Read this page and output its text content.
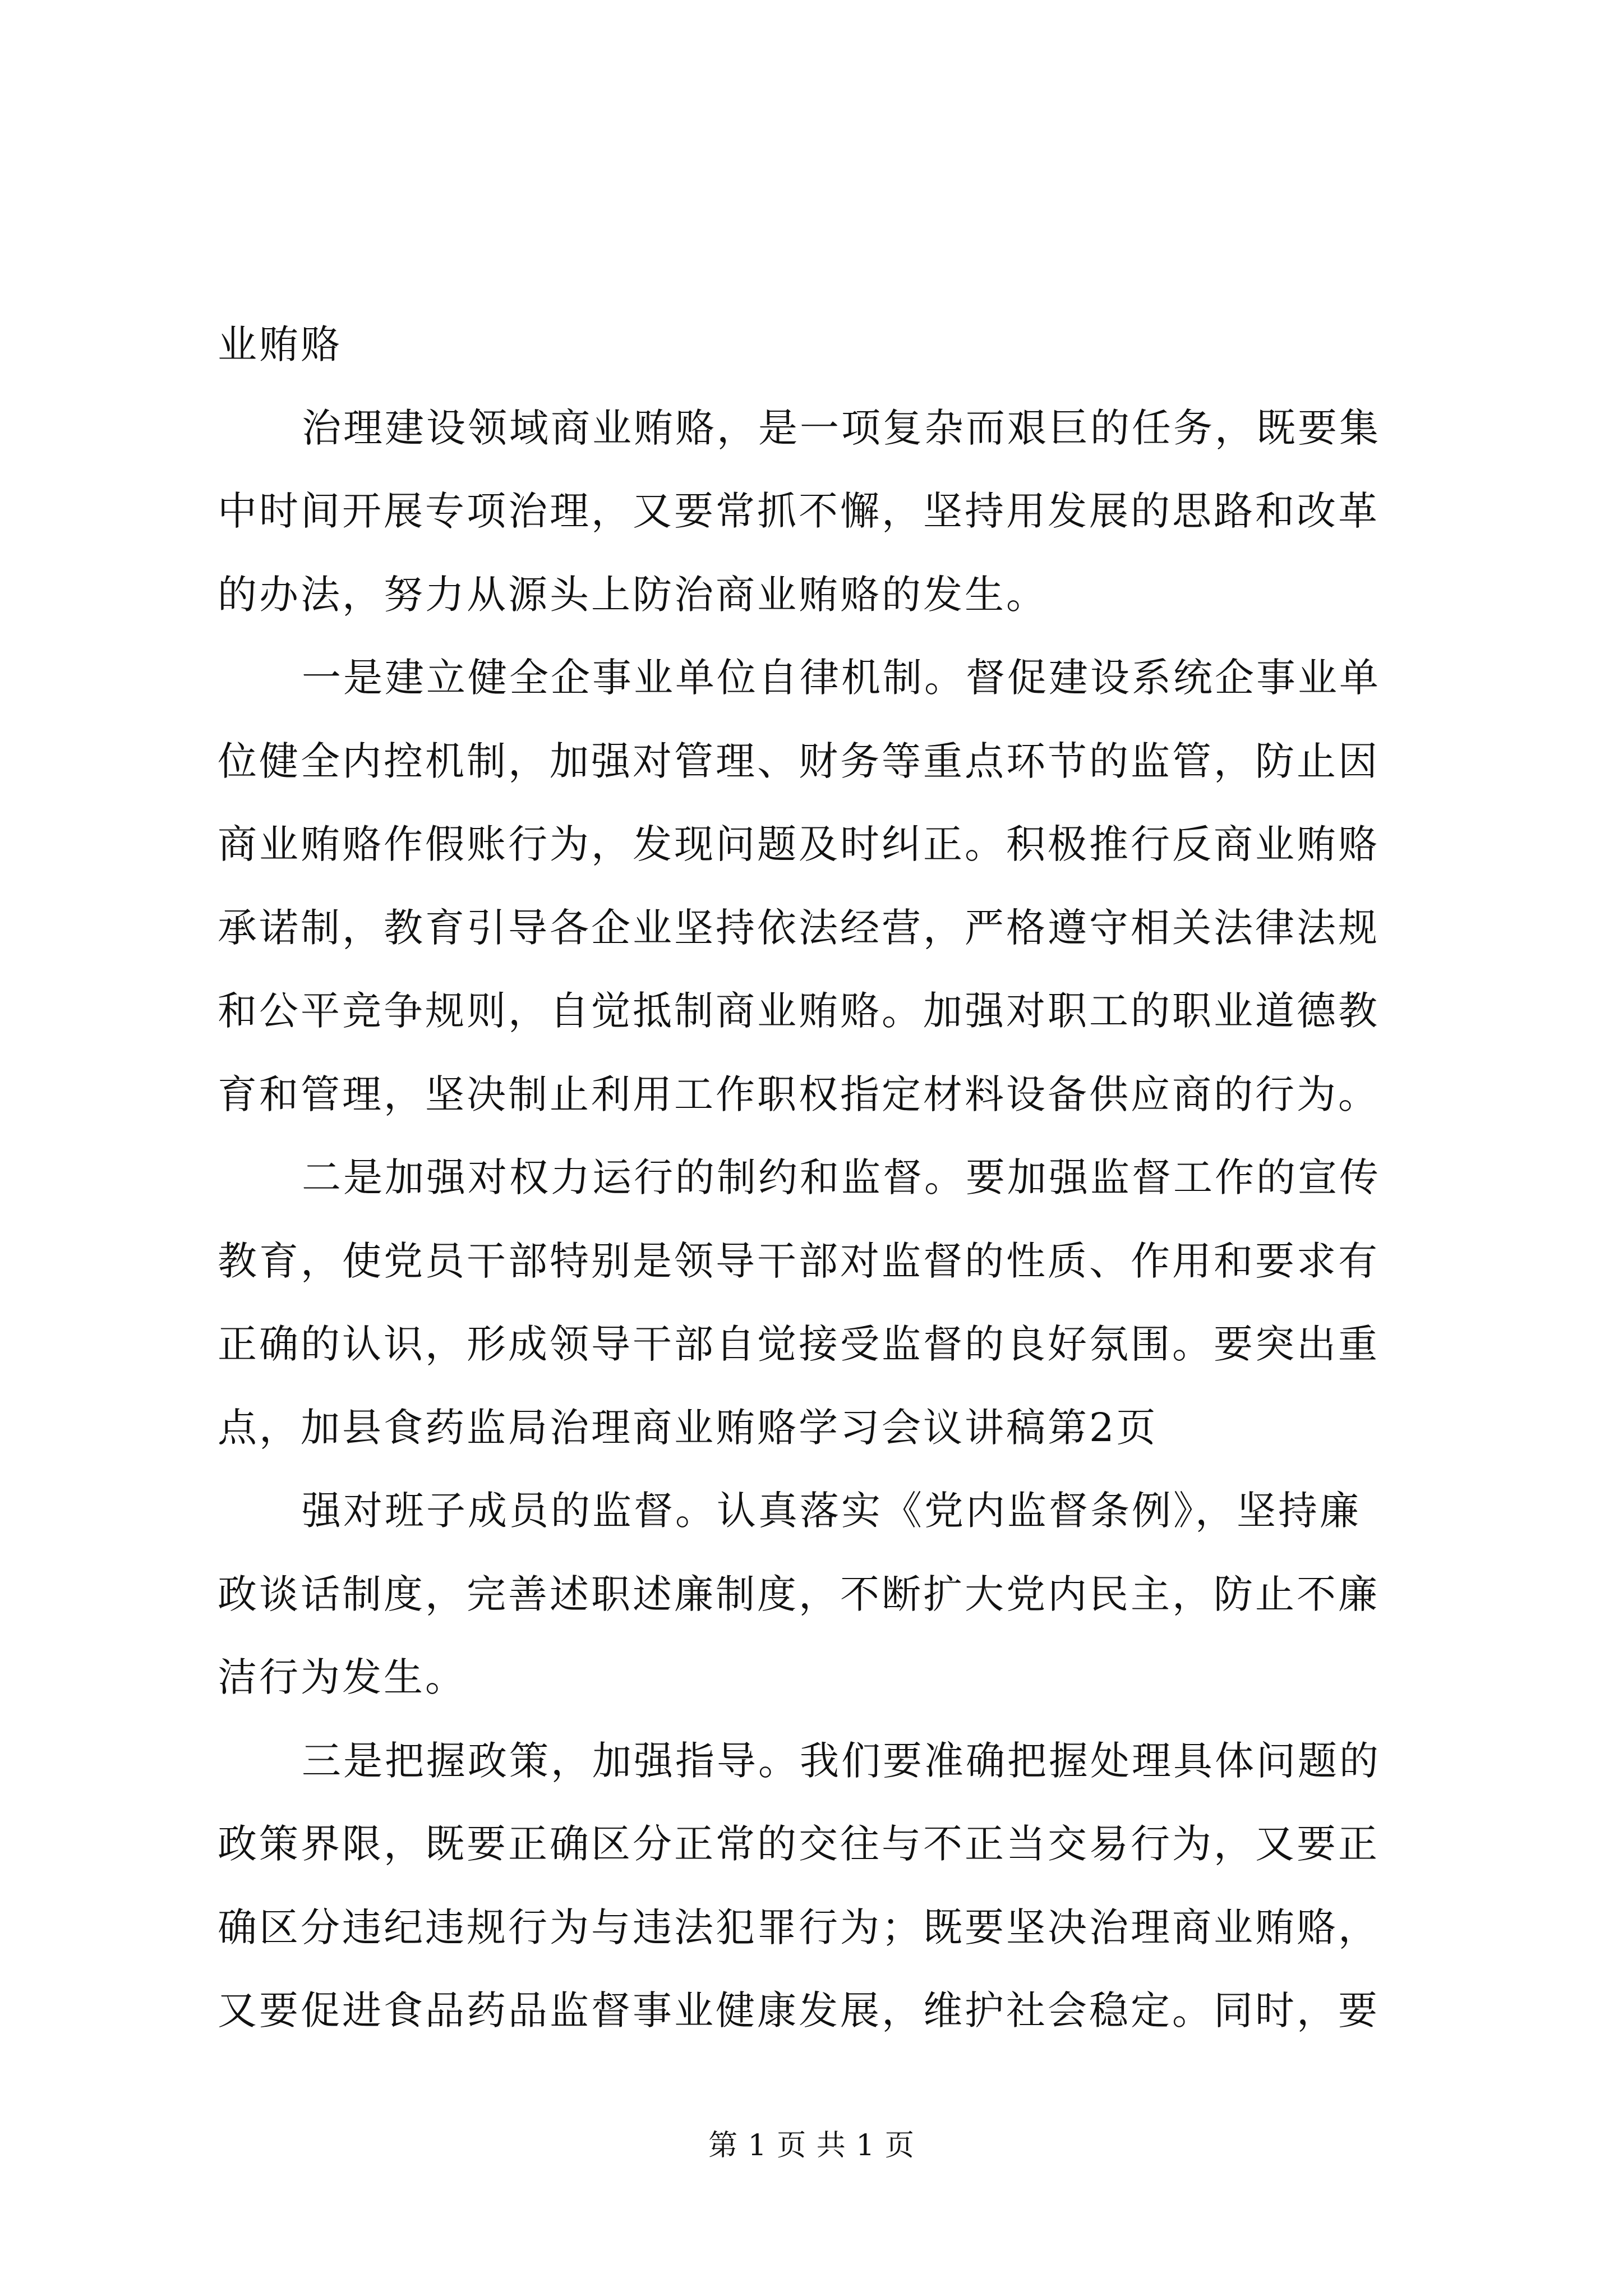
业贿赂
治理建设领域商业贿赂，是一项复杂而艰巨的任务，既要集
中时间开展专项治理，又要常抓不懈，坚持用发展的思路和改革
的办法，努力从源头上防治商业贿赂的发生。
一是建立健全企事业单位自律机制。督促建设系统企事业单
位健全内控机制，加强对管理、财务等重点环节的监管，防止因
商业贿赂作假账行为，发现问题及时纠正。积极推行反商业贿赂
承诺制，教育引导各企业坚持依法经营，严格遵守相关法律法规
和公平竞争规则，自觉抵制商业贿赂。加强对职工的职业道德教
育和管理，坚决制止利用工作职权指定材料设备供应商的行为。
二是加强对权力运行的制约和监督。要加强监督工作的宣传
教育，使党员干部特别是领导干部对监督的性质、作用和要求有
正确的认识，形成领导干部自觉接受监督的良好氛围。要突出重
点，加县食药监局治理商业贿赂学习会议讲稿第2页
强对班子成员的监督。认真落实《党内监督条例》，坚持廉
政谈话制度，完善述职述廉制度，不断扩大党内民主，防止不廉
洁行为发生。
三是把握政策，加强指导。我们要准确把握处理具体问题的
政策界限，既要正确区分正常的交往与不正当交易行为，又要正
确区分违纪违规行为与违法犯罪行为；既要坚决治理商业贿赂，
又要促进食品药品监督事业健康发展，维护社会稳定。同时，要
第 1 页 共 1 页
